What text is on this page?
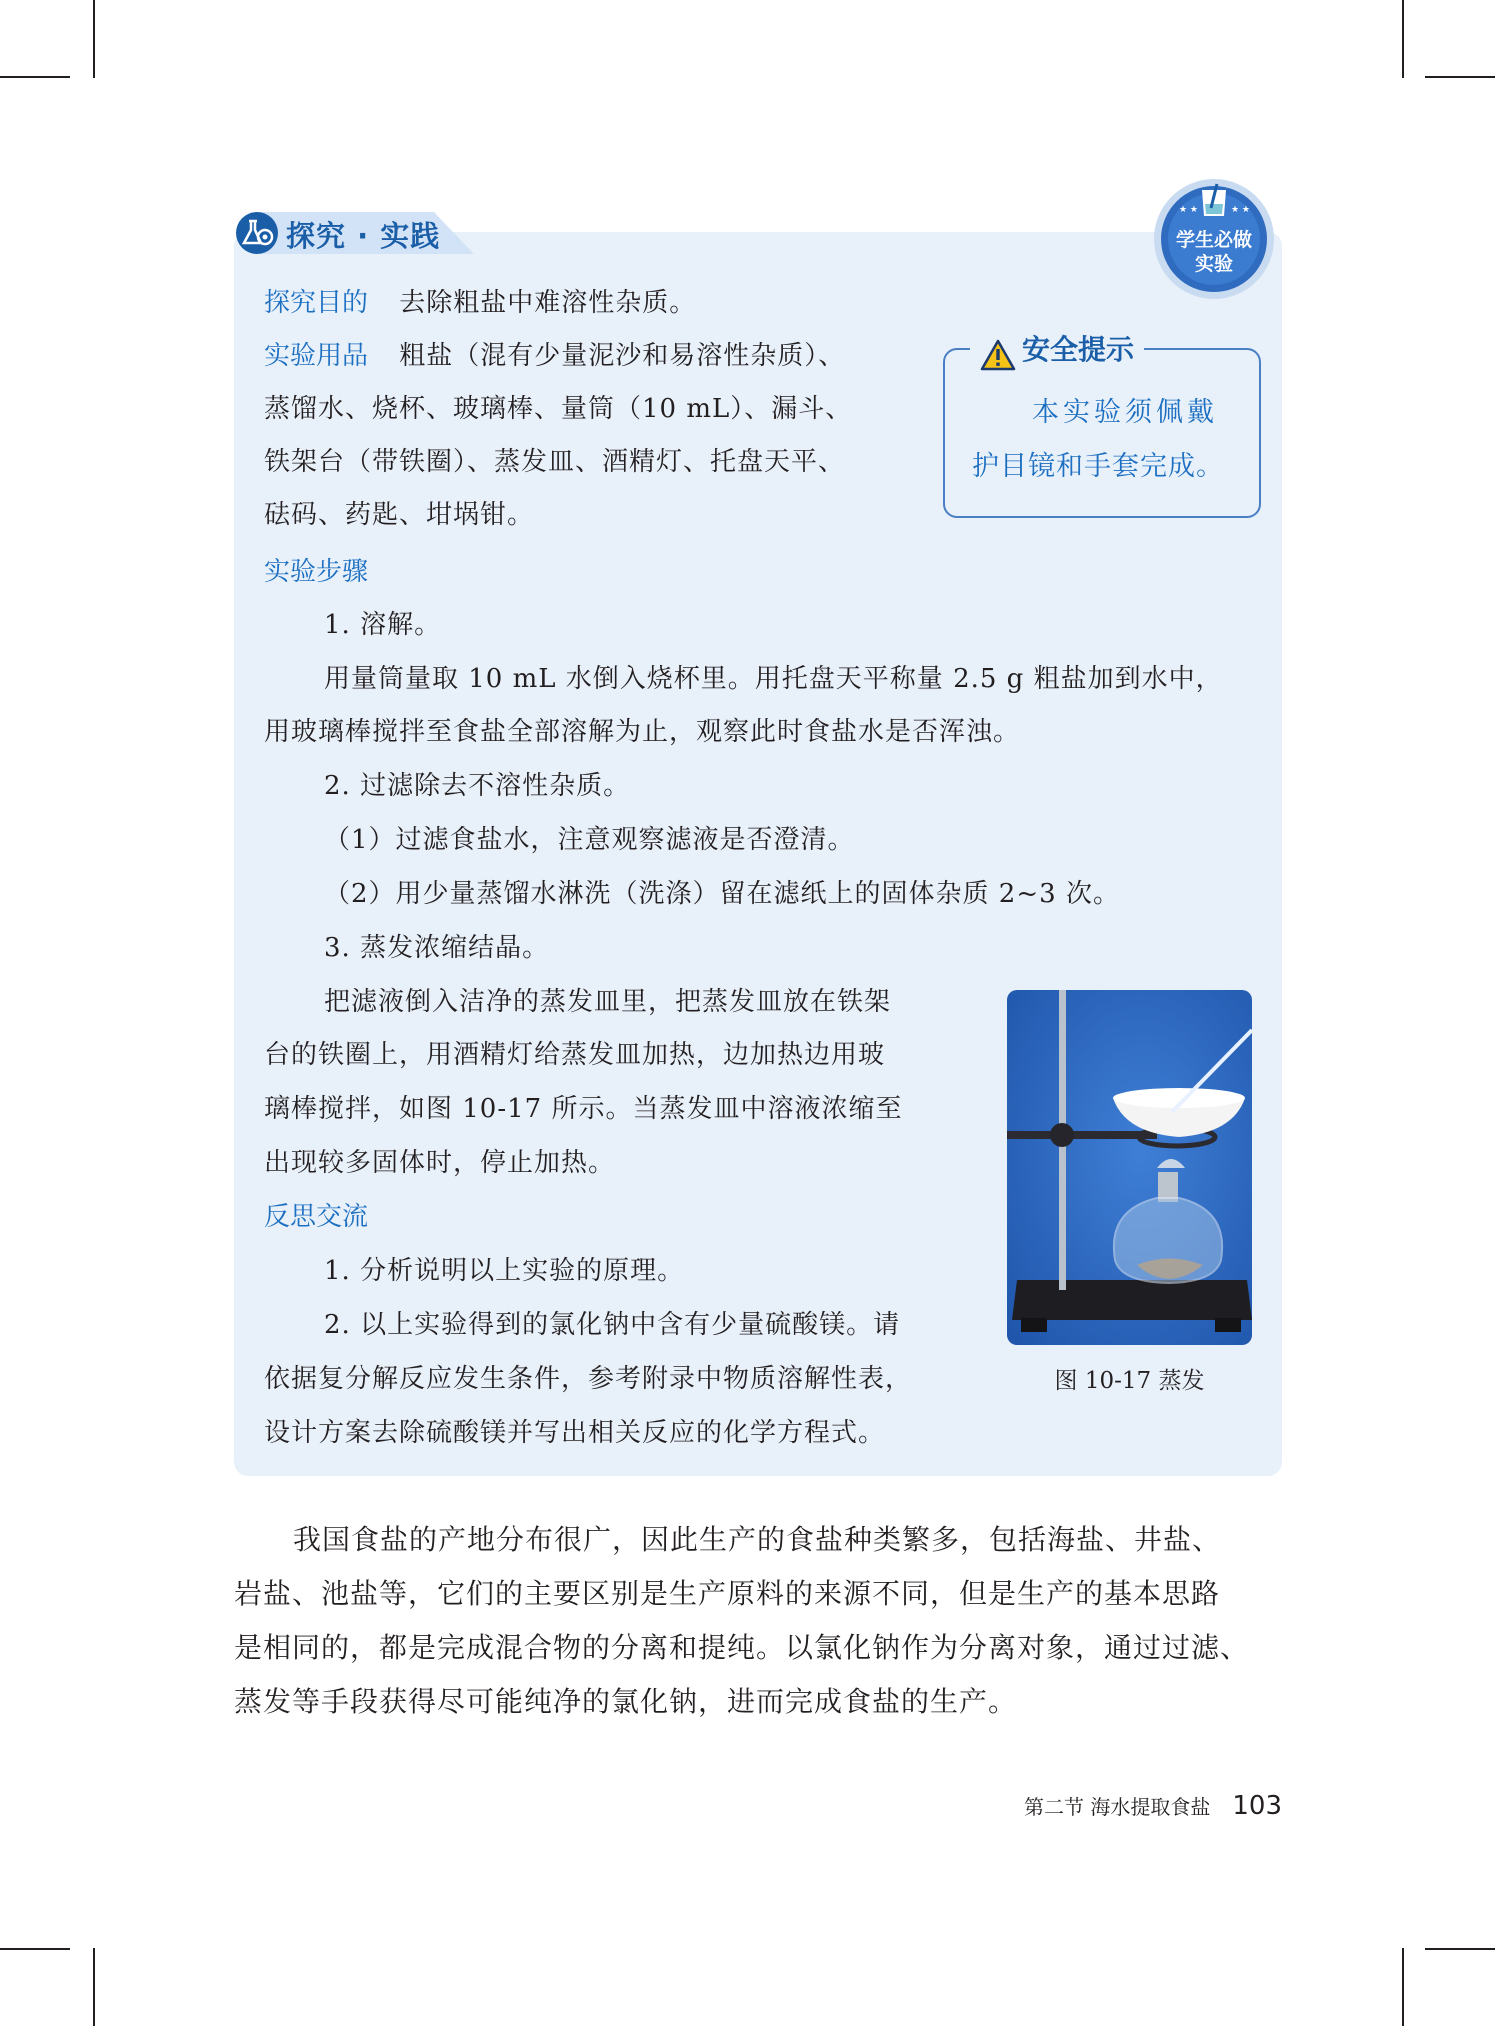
探究 · 实践
★ ★	★ ★
学生必做
实验
探究目的 去除粗盐中难溶性杂质。
实验用品 粗盐（混有少量泥沙和易溶性杂质）、
蒸馏水、烧杯、玻璃棒、量筒（10 mL）、漏斗、
铁架台（带铁圈）、蒸发皿、酒精灯、托盘天平、
砝码、药匙、坩埚钳。
安全提示
本实验须佩戴
护目镜和手套完成。
实验步骤
1. 溶解。
用量筒量取 10 mL 水倒入烧杯里。用托盘天平称量 2.5 g 粗盐加到水中，
用玻璃棒搅拌至食盐全部溶解为止，观察此时食盐水是否浑浊。
2. 过滤除去不溶性杂质。
（1）过滤食盐水，注意观察滤液是否澄清。
（2）用少量蒸馏水淋洗（洗涤）留在滤纸上的固体杂质 2~3 次。
3. 蒸发浓缩结晶。
把滤液倒入洁净的蒸发皿里，把蒸发皿放在铁架
台的铁圈上，用酒精灯给蒸发皿加热，边加热边用玻
璃棒搅拌，如图 10-17 所示。当蒸发皿中溶液浓缩至
出现较多固体时，停止加热。
反思交流
1. 分析说明以上实验的原理。
2. 以上实验得到的氯化钠中含有少量硫酸镁。请
依据复分解反应发生条件，参考附录中物质溶解性表，
设计方案去除硫酸镁并写出相关反应的化学方程式。
图 10-17 蒸发
我国食盐的产地分布很广，因此生产的食盐种类繁多，包括海盐、井盐、
岩盐、池盐等，它们的主要区别是生产原料的来源不同，但是生产的基本思路
是相同的，都是完成混合物的分离和提纯。以氯化钠作为分离对象，通过过滤、
蒸发等手段获得尽可能纯净的氯化钠，进而完成食盐的生产。
第二节 海水提取食盐 103
